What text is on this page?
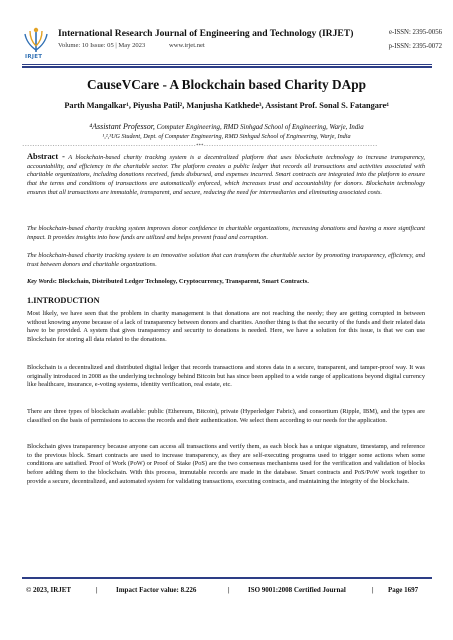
IRJET
International Research Journal of Engineering and Technology (IRJET)
Volume: 10 Issue: 05 | May 2023	www.irjet.net
e-ISSN: 2395-0056
p-ISSN: 2395-0072
CauseVCare - A Blockchain based Charity DApp
Parth Mangalkar¹, Piyusha Patil², Manjusha Katkhede³, Assistant Prof. Sonal S. Fatangare⁴
⁴Assistant Professor, Computer Engineering, RMD Sinhgad School of Engineering, Warje, India
¹,²,³UG Student, Dept. of Computer Engineering, RMD Sinhgad School of Engineering, Warje, India
---------------------------------------------------------------------***---------------------------------------------------------------------
Abstract - A blockchain-based charity tracking system is a decentralized platform that uses blockchain technology to increase transparency, accountability, and efficiency in the charitable sector. The platform creates a public ledger that records all transactions and activities associated with charitable organizations, including donations received, funds disbursed, and expenses incurred. Smart contracts are integrated into the platform to ensure that the terms and conditions of transactions are automatically enforced, which increases trust and accountability for donors. Blockchain technology ensures that all transactions are immutable, transparent, and secure, reducing the need for intermediaries and eliminating associated costs.
The blockchain-based charity tracking system improves donor confidence in charitable organizations, increasing donations and having a more significant impact. It provides insights into how funds are utilized and helps prevent fraud and corruption.
The blockchain-based charity tracking system is an innovative solution that can transform the charitable sector by promoting transparency, efficiency, and trust between donors and charitable organizations.
Key Words: Blockchain, Distributed Ledger Technology, Cryptocurrency, Transparent, Smart Contracts.
1.INTRODUCTION
Most likely, we have seen that the problem in charity management is that donations are not reaching the needy; they are getting corrupted in between without knowing anyone because of a lack of transparency between donors and charities. Another thing is that the security of the funds and their related data have to be provided. A system that gives transparency and security to donations is needed. Here, we have a solution for this issue, is that we can use Blockchain for storing all data related to the donations.
Blockchain is a decentralized and distributed digital ledger that records transactions and stores data in a secure, transparent, and tamper-proof way. It was originally introduced in 2008 as the underlying technology behind Bitcoin but has since been applied to a wide range of applications beyond digital currency like healthcare, insurance, e-voting systems, identity verification, real estate, etc.
There are three types of blockchain available: public (Ethereum, Bitcoin), private (Hyperledger Fabric), and consortium (Ripple, IBM), and the types are classified on the basis of permissions to access the records and their authentication. We select them according to our needs for the application.
Blockchain gives transparency because anyone can access all transactions and verify them, as each block has a unique signature, timestamp, and reference to the previous block. Smart contracts are used to increase transparency, as they are self-executing programs used to trigger some actions when some conditions are satisfied. Proof of Work (PoW) or Proof of Stake (PoS) are the two consensus mechanisms used for the verification and validation of blocks before adding them to the blockchain. With this process, immutable records are made in the database. Smart contracts and PoS/PoW work together to provide a secure, decentralized, and automated system for validating transactions, executing contracts, and maintaining the integrity of the blockchain.
© 2023, IRJET	|	Impact Factor value: 8.226	|	ISO 9001:2008 Certified Journal	| Page 1697
